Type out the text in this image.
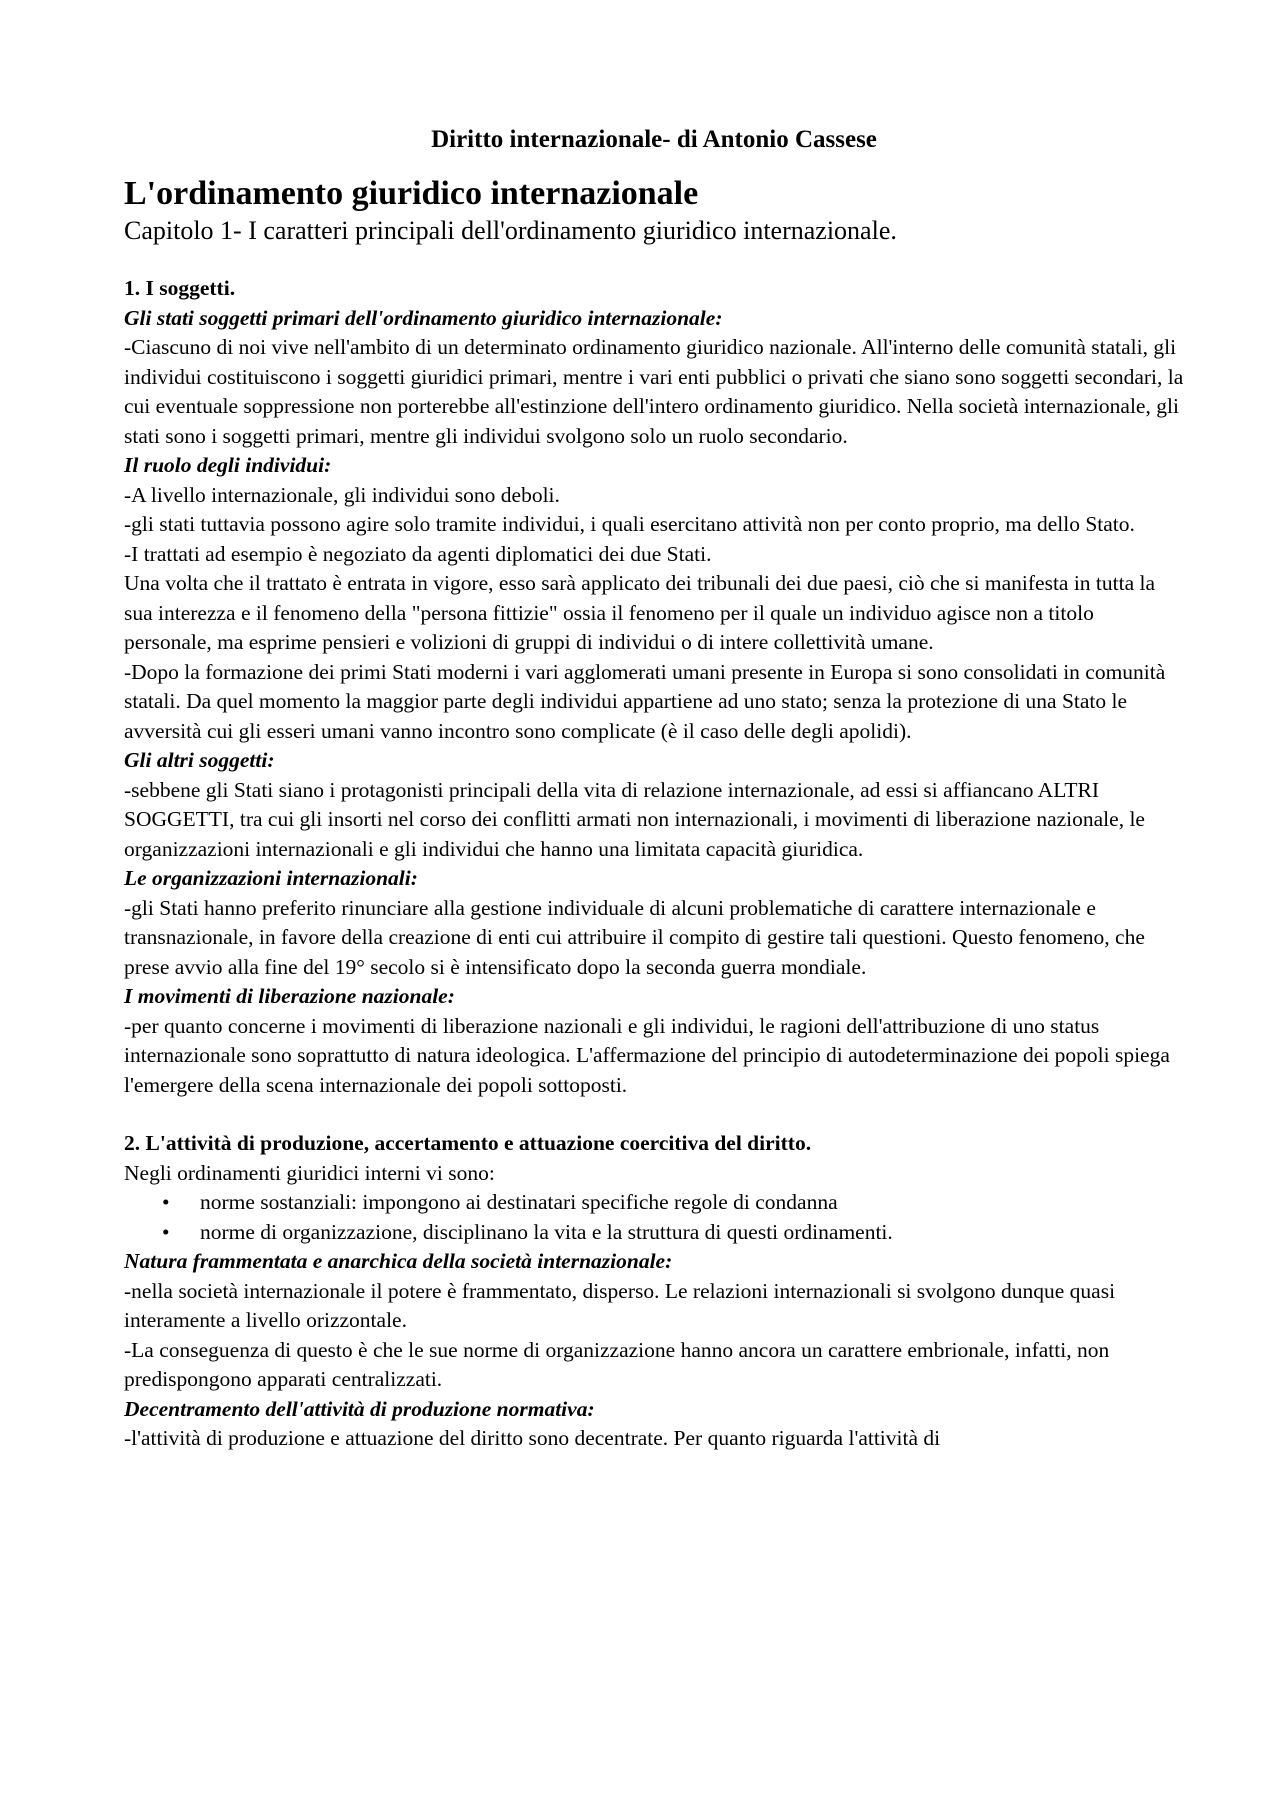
Diritto internazionale- di Antonio Cassese
L'ordinamento giuridico internazionale
Capitolo 1- I caratteri principali dell'ordinamento giuridico internazionale.
1. I soggetti.
Gli stati soggetti primari dell'ordinamento giuridico internazionale:

-Ciascuno di noi vive nell'ambito di un determinato ordinamento giuridico nazionale. All'interno delle comunità statali, gli individui costituiscono i soggetti giuridici primari, mentre i vari enti pubblici o privati che siano sono soggetti secondari, la cui eventuale soppressione non porterebbe all'estinzione dell'intero ordinamento giuridico. Nella società internazionale, gli stati sono i soggetti primari, mentre gli individui svolgono solo un ruolo secondario.

Il ruolo degli individui:

-A livello internazionale, gli individui sono deboli.

-gli stati tuttavia possono agire solo tramite individui, i quali esercitano attività non per conto proprio, ma dello Stato.

-I trattati ad esempio è negoziato da agenti diplomatici dei due Stati.

Una volta che il trattato è entrata in vigore, esso sarà applicato dei tribunali dei due paesi, ciò che si manifesta in tutta la sua interezza e il fenomeno della "persona fittizie" ossia il fenomeno per il quale un individuo agisce non a titolo personale, ma esprime pensieri e volizioni di gruppi di individui o di intere collettività umane.

-Dopo la formazione dei primi Stati moderni i vari agglomerati umani presente in Europa si sono consolidati in comunità statali. Da quel momento la maggior parte degli individui appartiene ad uno stato; senza la protezione di una Stato le avversità cui gli esseri umani vanno incontro sono complicate (è il caso delle degli apolidi).

Gli altri soggetti:

-sebbene gli Stati siano i protagonisti principali della vita di relazione internazionale, ad essi si affiancano ALTRI SOGGETTI, tra cui gli insorti nel corso dei conflitti armati non internazionali, i movimenti di liberazione nazionale, le organizzazioni internazionali e gli individui che hanno una limitata capacità giuridica.

Le organizzazioni internazionali:

-gli Stati hanno preferito rinunciare alla gestione individuale di alcuni problematiche di carattere internazionale e transnazionale, in favore della creazione di enti cui attribuire il compito di gestire tali questioni. Questo fenomeno, che prese avvio alla fine del 19° secolo si è intensificato dopo la seconda guerra mondiale.

I movimenti di liberazione nazionale:

-per quanto concerne i movimenti di liberazione nazionali e gli individui, le ragioni dell'attribuzione di uno status internazionale sono soprattutto di natura ideologica. L'affermazione del principio di autodeterminazione dei popoli spiega l'emergere della scena internazionale dei popoli sottoposti.

2. L'attività di produzione, accertamento e attuazione coercitiva del diritto.

Negli ordinamenti giuridici interni vi sono:

• norme sostanziali: impongono ai destinatari specifiche regole di condanna
• norme di organizzazione, disciplinano la vita e la struttura di questi ordinamenti.
Natura frammentata e anarchica della società internazionale:

-nella società internazionale il potere è frammentato, disperso. Le relazioni internazionali si svolgono dunque quasi interamente a livello orizzontale.

-La conseguenza di questo è che le sue norme di organizzazione hanno ancora un carattere embrionale, infatti, non predispongono apparati centralizzati.

Decentramento dell'attività di produzione normativa:

-l'attività di produzione e attuazione del diritto sono decentrate. Per quanto riguarda l'attività di
